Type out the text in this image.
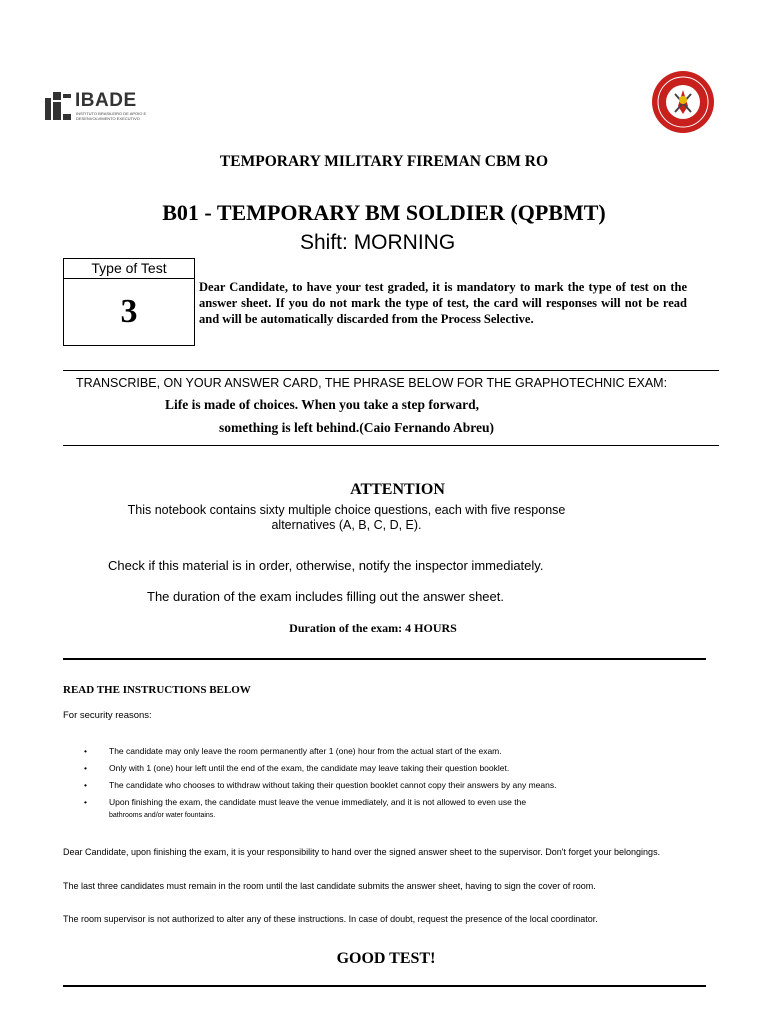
IBADE
INSTITUTO BRASILEIRO DE APOIO E DESENVOLVIMENTO EXECUTIVO
TEMPORARY MILITARY FIREMAN CBM RO
B01 - TEMPORARY BM SOLDIER (QPBMT)
Shift: MORNING
Type of Test
3
Dear Candidate, to have your test graded, it is mandatory to mark the type of test on the answer sheet. If you do not mark the type of test, the card will responses will not be read and will be automatically discarded from the Process Selective.
TRANSCRIBE, ON YOUR ANSWER CARD, THE PHRASE BELOW FOR THE GRAPHOTECHNIC EXAM:
Life is made of choices. When you take a step forward,
something is left behind.(Caio Fernando Abreu)
ATTENTION
This notebook contains sixty multiple choice questions, each with five response alternatives (A, B, C, D, E).
Check if this material is in order, otherwise, notify the inspector immediately.
The duration of the exam includes filling out the answer sheet.
Duration of the exam: 4 HOURS
READ THE INSTRUCTIONS BELOW
For security reasons:
•	The candidate may only leave the room permanently after 1 (one) hour from the actual start of the exam.
•	Only with 1 (one) hour left until the end of the exam, the candidate may leave taking their question booklet.
•	The candidate who chooses to withdraw without taking their question booklet cannot copy their answers by any means.
•	Upon finishing the exam, the candidate must leave the venue immediately, and it is not allowed to even use the
bathrooms and/or water fountains.
Dear Candidate, upon finishing the exam, it is your responsibility to hand over the signed answer sheet to the supervisor. Don't forget your belongings.
The last three candidates must remain in the room until the last candidate submits the answer sheet, having to sign the cover of room.
The room supervisor is not authorized to alter any of these instructions. In case of doubt, request the presence of the local coordinator.
GOOD TEST!
